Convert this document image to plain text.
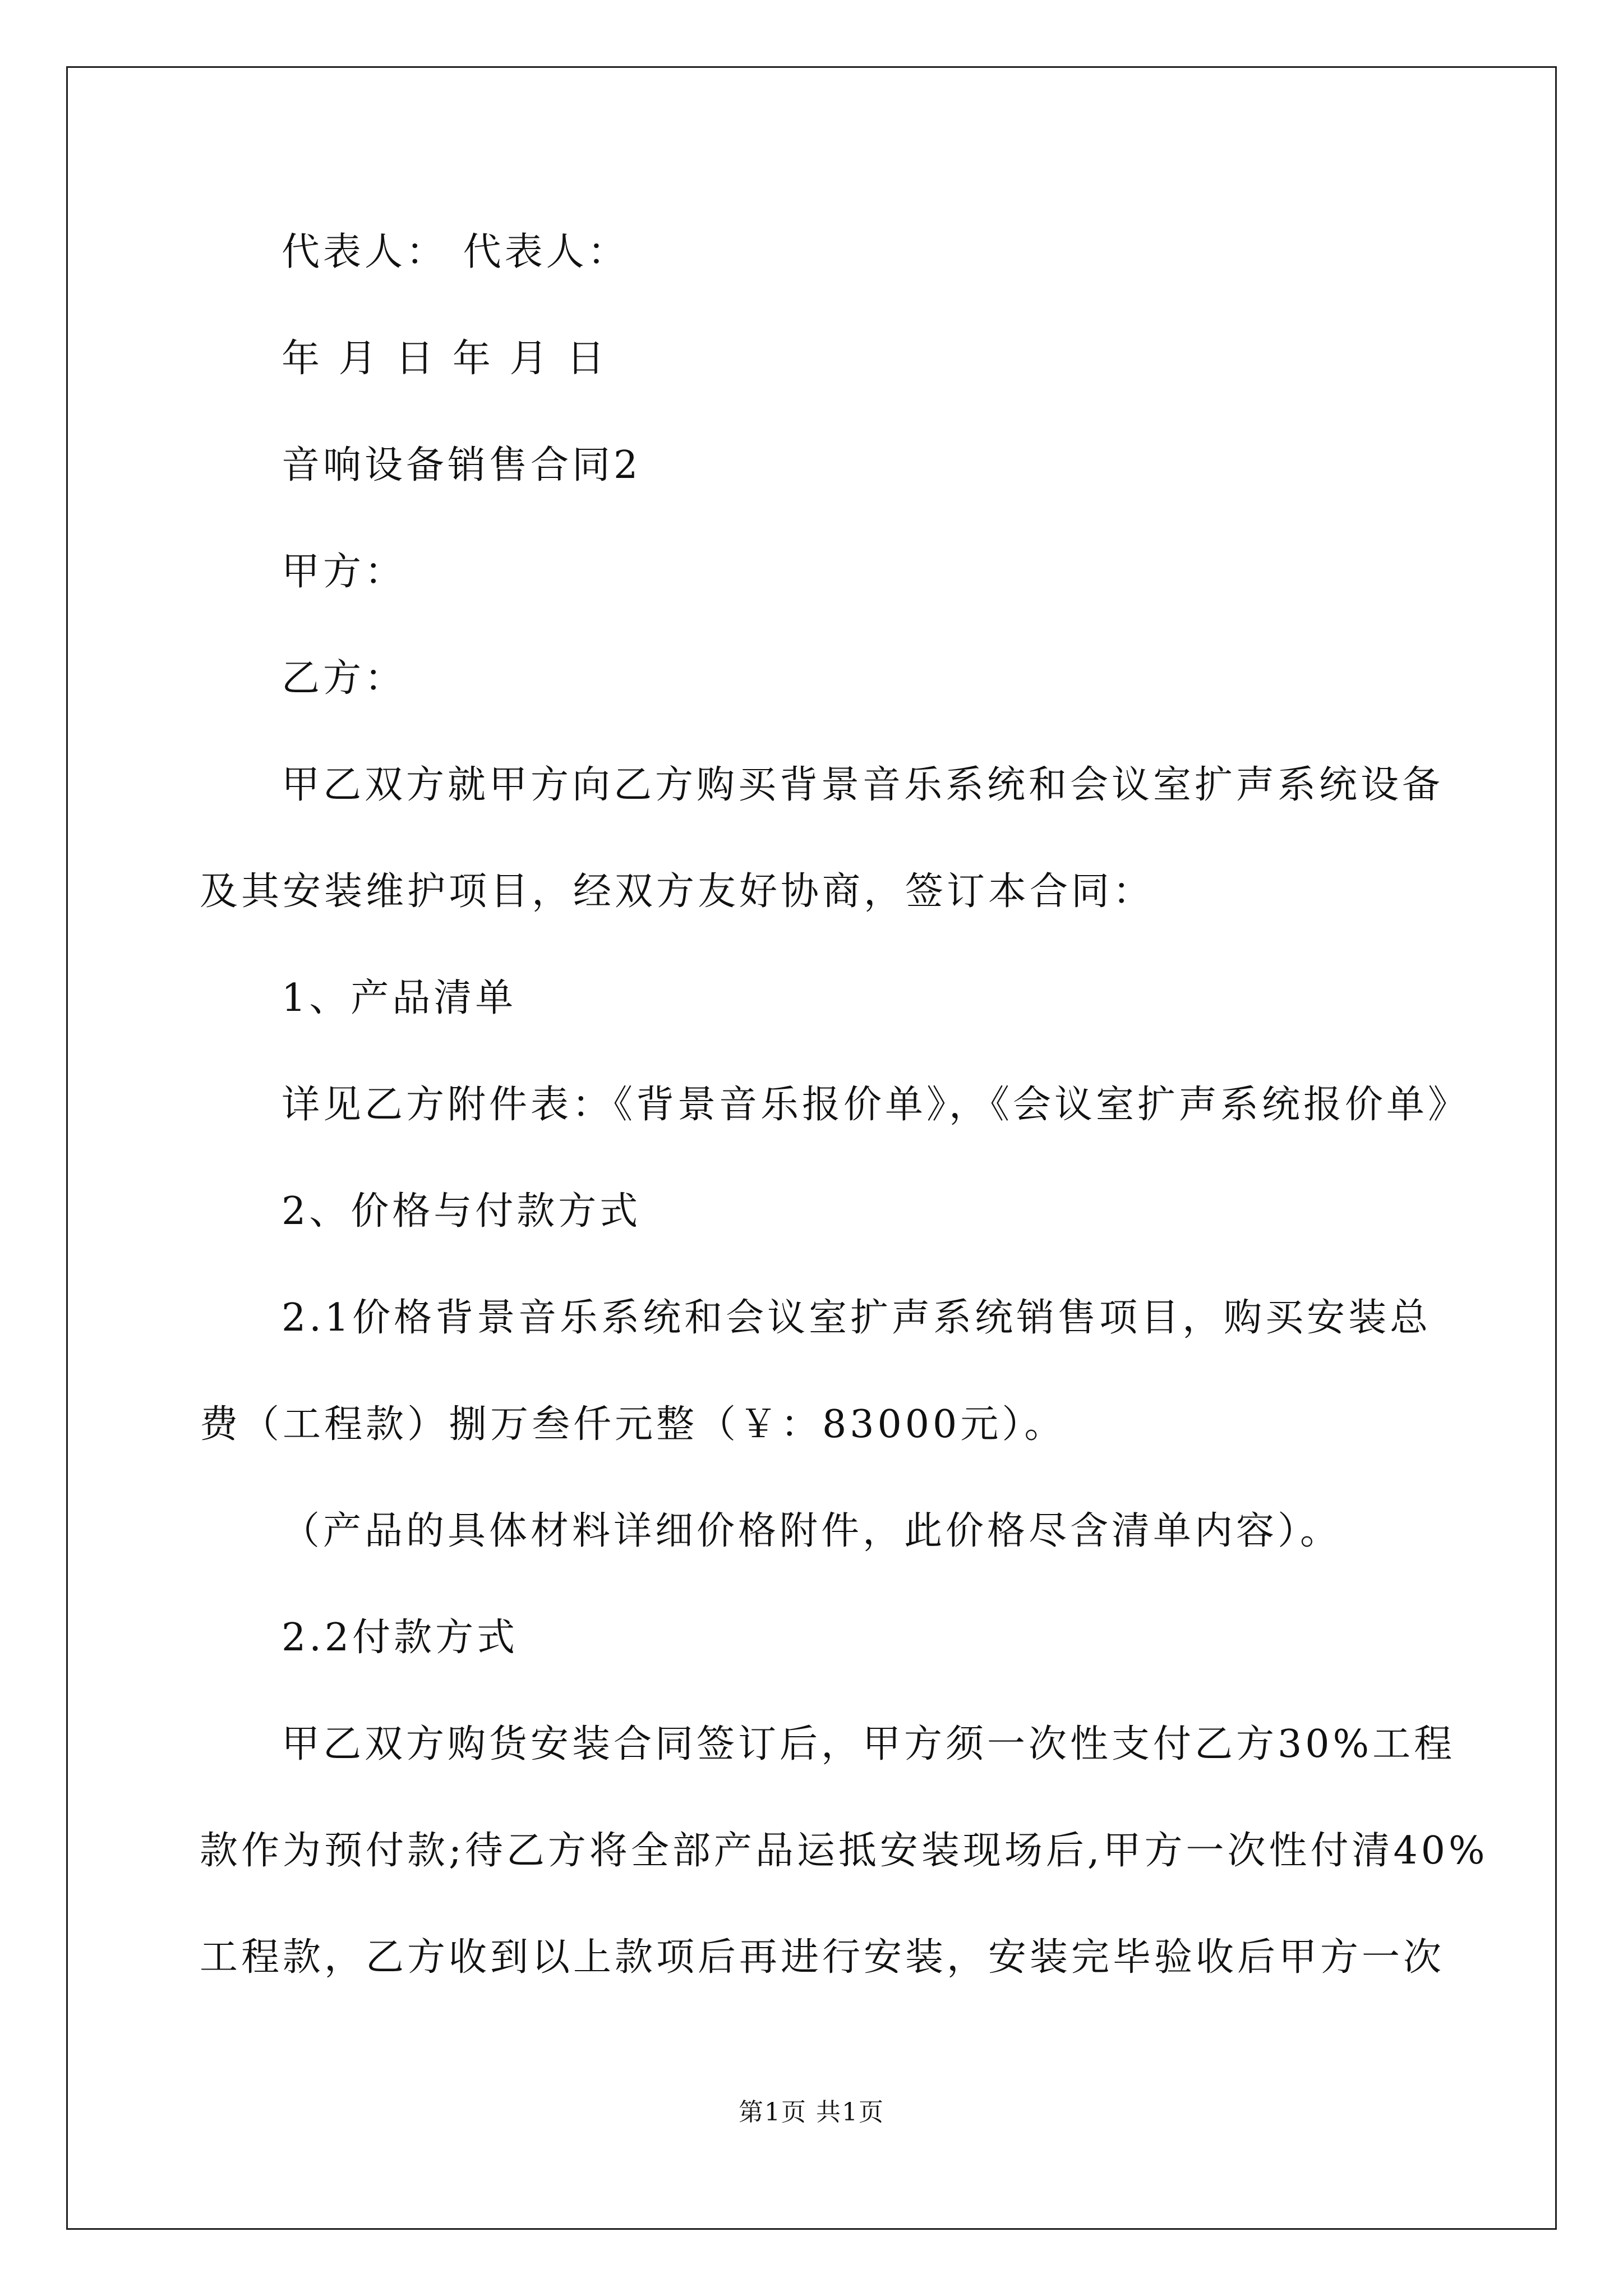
代表人： 代表人：
年 月 日 年 月 日
音响设备销售合同2
甲方：
乙方：
甲乙双方就甲方向乙方购买背景音乐系统和会议室扩声系统设备
及其安装维护项目，经双方友好协商，签订本合同：
1、产品清单
详见乙方附件表：《背景音乐报价单》，《会议室扩声系统报价单》
2、价格与付款方式
2.1价格背景音乐系统和会议室扩声系统销售项目，购买安装总
费（工程款）捌万叁仟元整（￥：83000元）。
（产品的具体材料详细价格附件，此价格尽含清单内容）。
2.2付款方式
甲乙双方购货安装合同签订后，甲方须一次性支付乙方30%工程
款作为预付款;待乙方将全部产品运抵安装现场后,甲方一次性付清40%
工程款，乙方收到以上款项后再进行安装，安装完毕验收后甲方一次
第1页 共1页
